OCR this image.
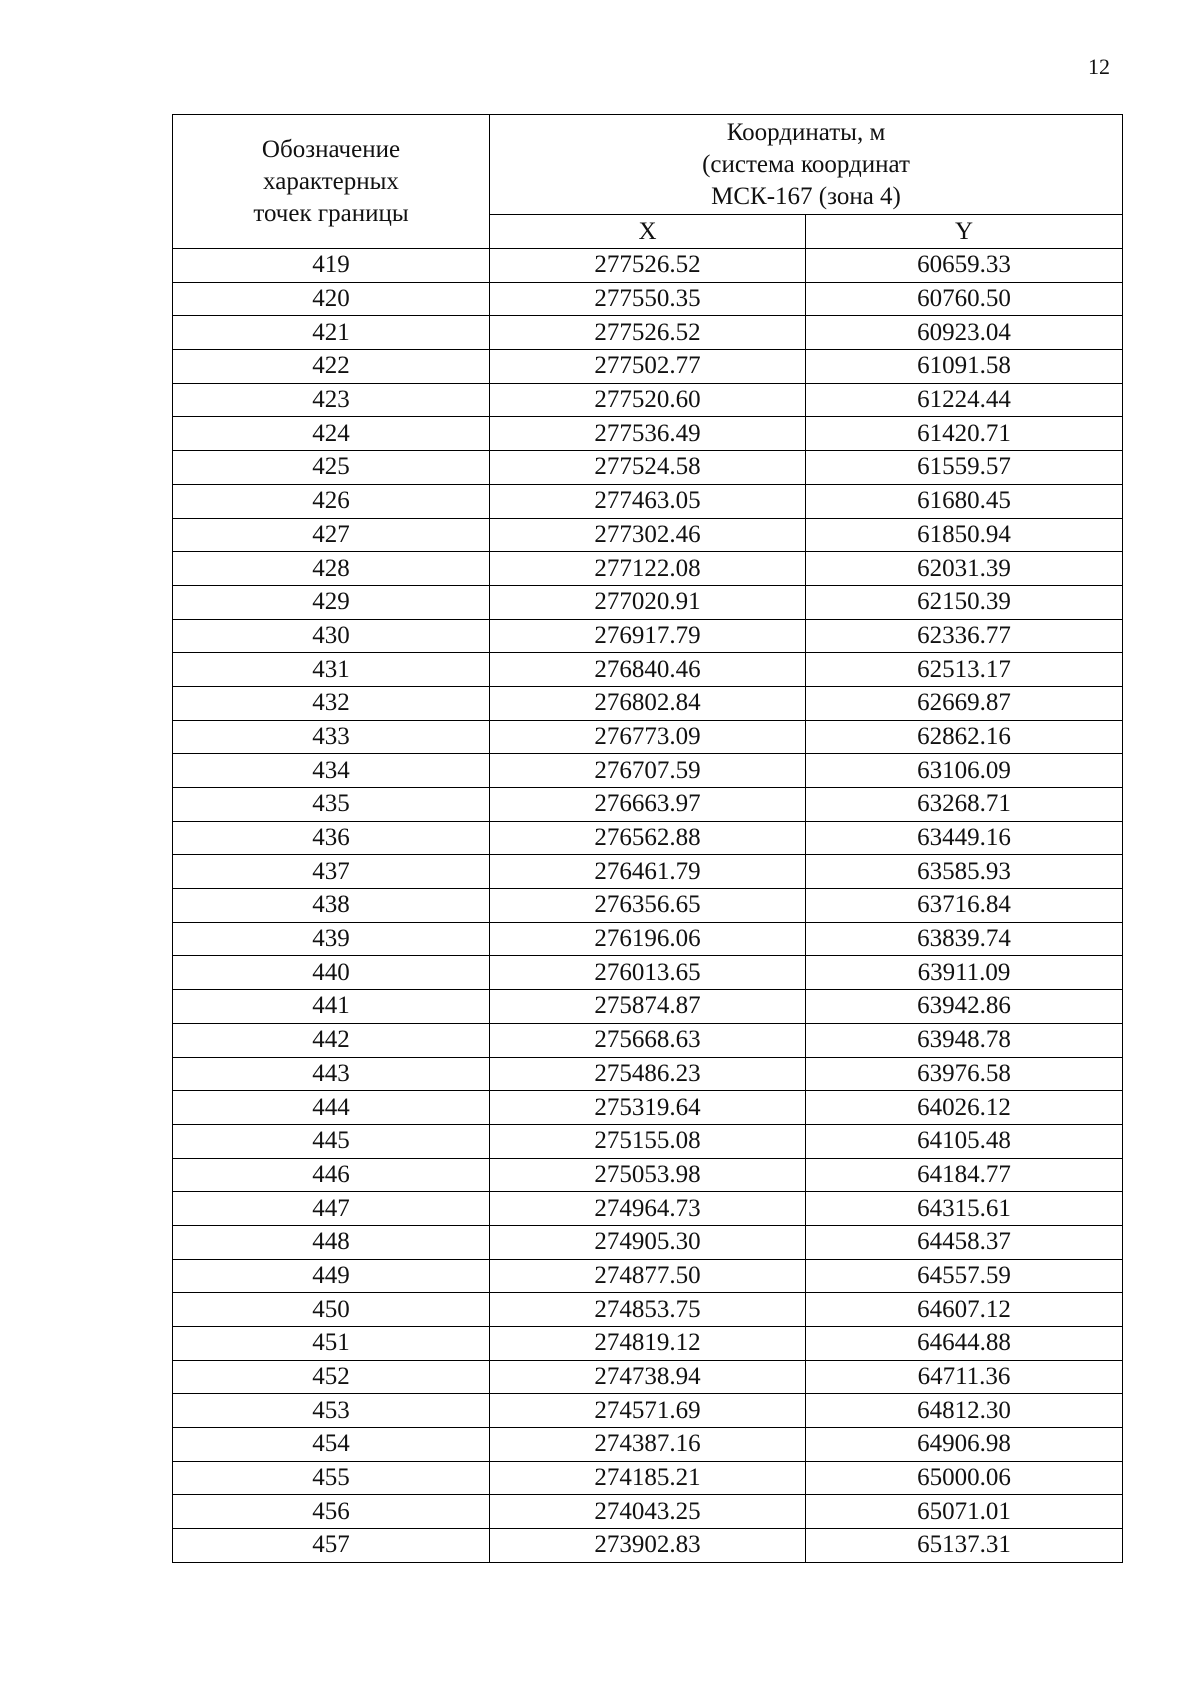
12
Обозначение
характерных
точек границы	Координаты, м
(система координат
МСК-167 (зона 4)	

	X	Y
419	277526.52	60659.33
420	277550.35	60760.50
421	277526.52	60923.04
422	277502.77	61091.58
423	277520.60	61224.44
424	277536.49	61420.71
425	277524.58	61559.57
426	277463.05	61680.45
427	277302.46	61850.94
428	277122.08	62031.39
429	277020.91	62150.39
430	276917.79	62336.77
431	276840.46	62513.17
432	276802.84	62669.87
433	276773.09	62862.16
434	276707.59	63106.09
435	276663.97	63268.71
436	276562.88	63449.16
437	276461.79	63585.93
438	276356.65	63716.84
439	276196.06	63839.74
440	276013.65	63911.09
441	275874.87	63942.86
442	275668.63	63948.78
443	275486.23	63976.58
444	275319.64	64026.12
445	275155.08	64105.48
446	275053.98	64184.77
447	274964.73	64315.61
448	274905.30	64458.37
449	274877.50	64557.59
450	274853.75	64607.12
451	274819.12	64644.88
452	274738.94	64711.36
453	274571.69	64812.30
454	274387.16	64906.98
455	274185.21	65000.06
456	274043.25	65071.01
457	273902.83	65137.31
